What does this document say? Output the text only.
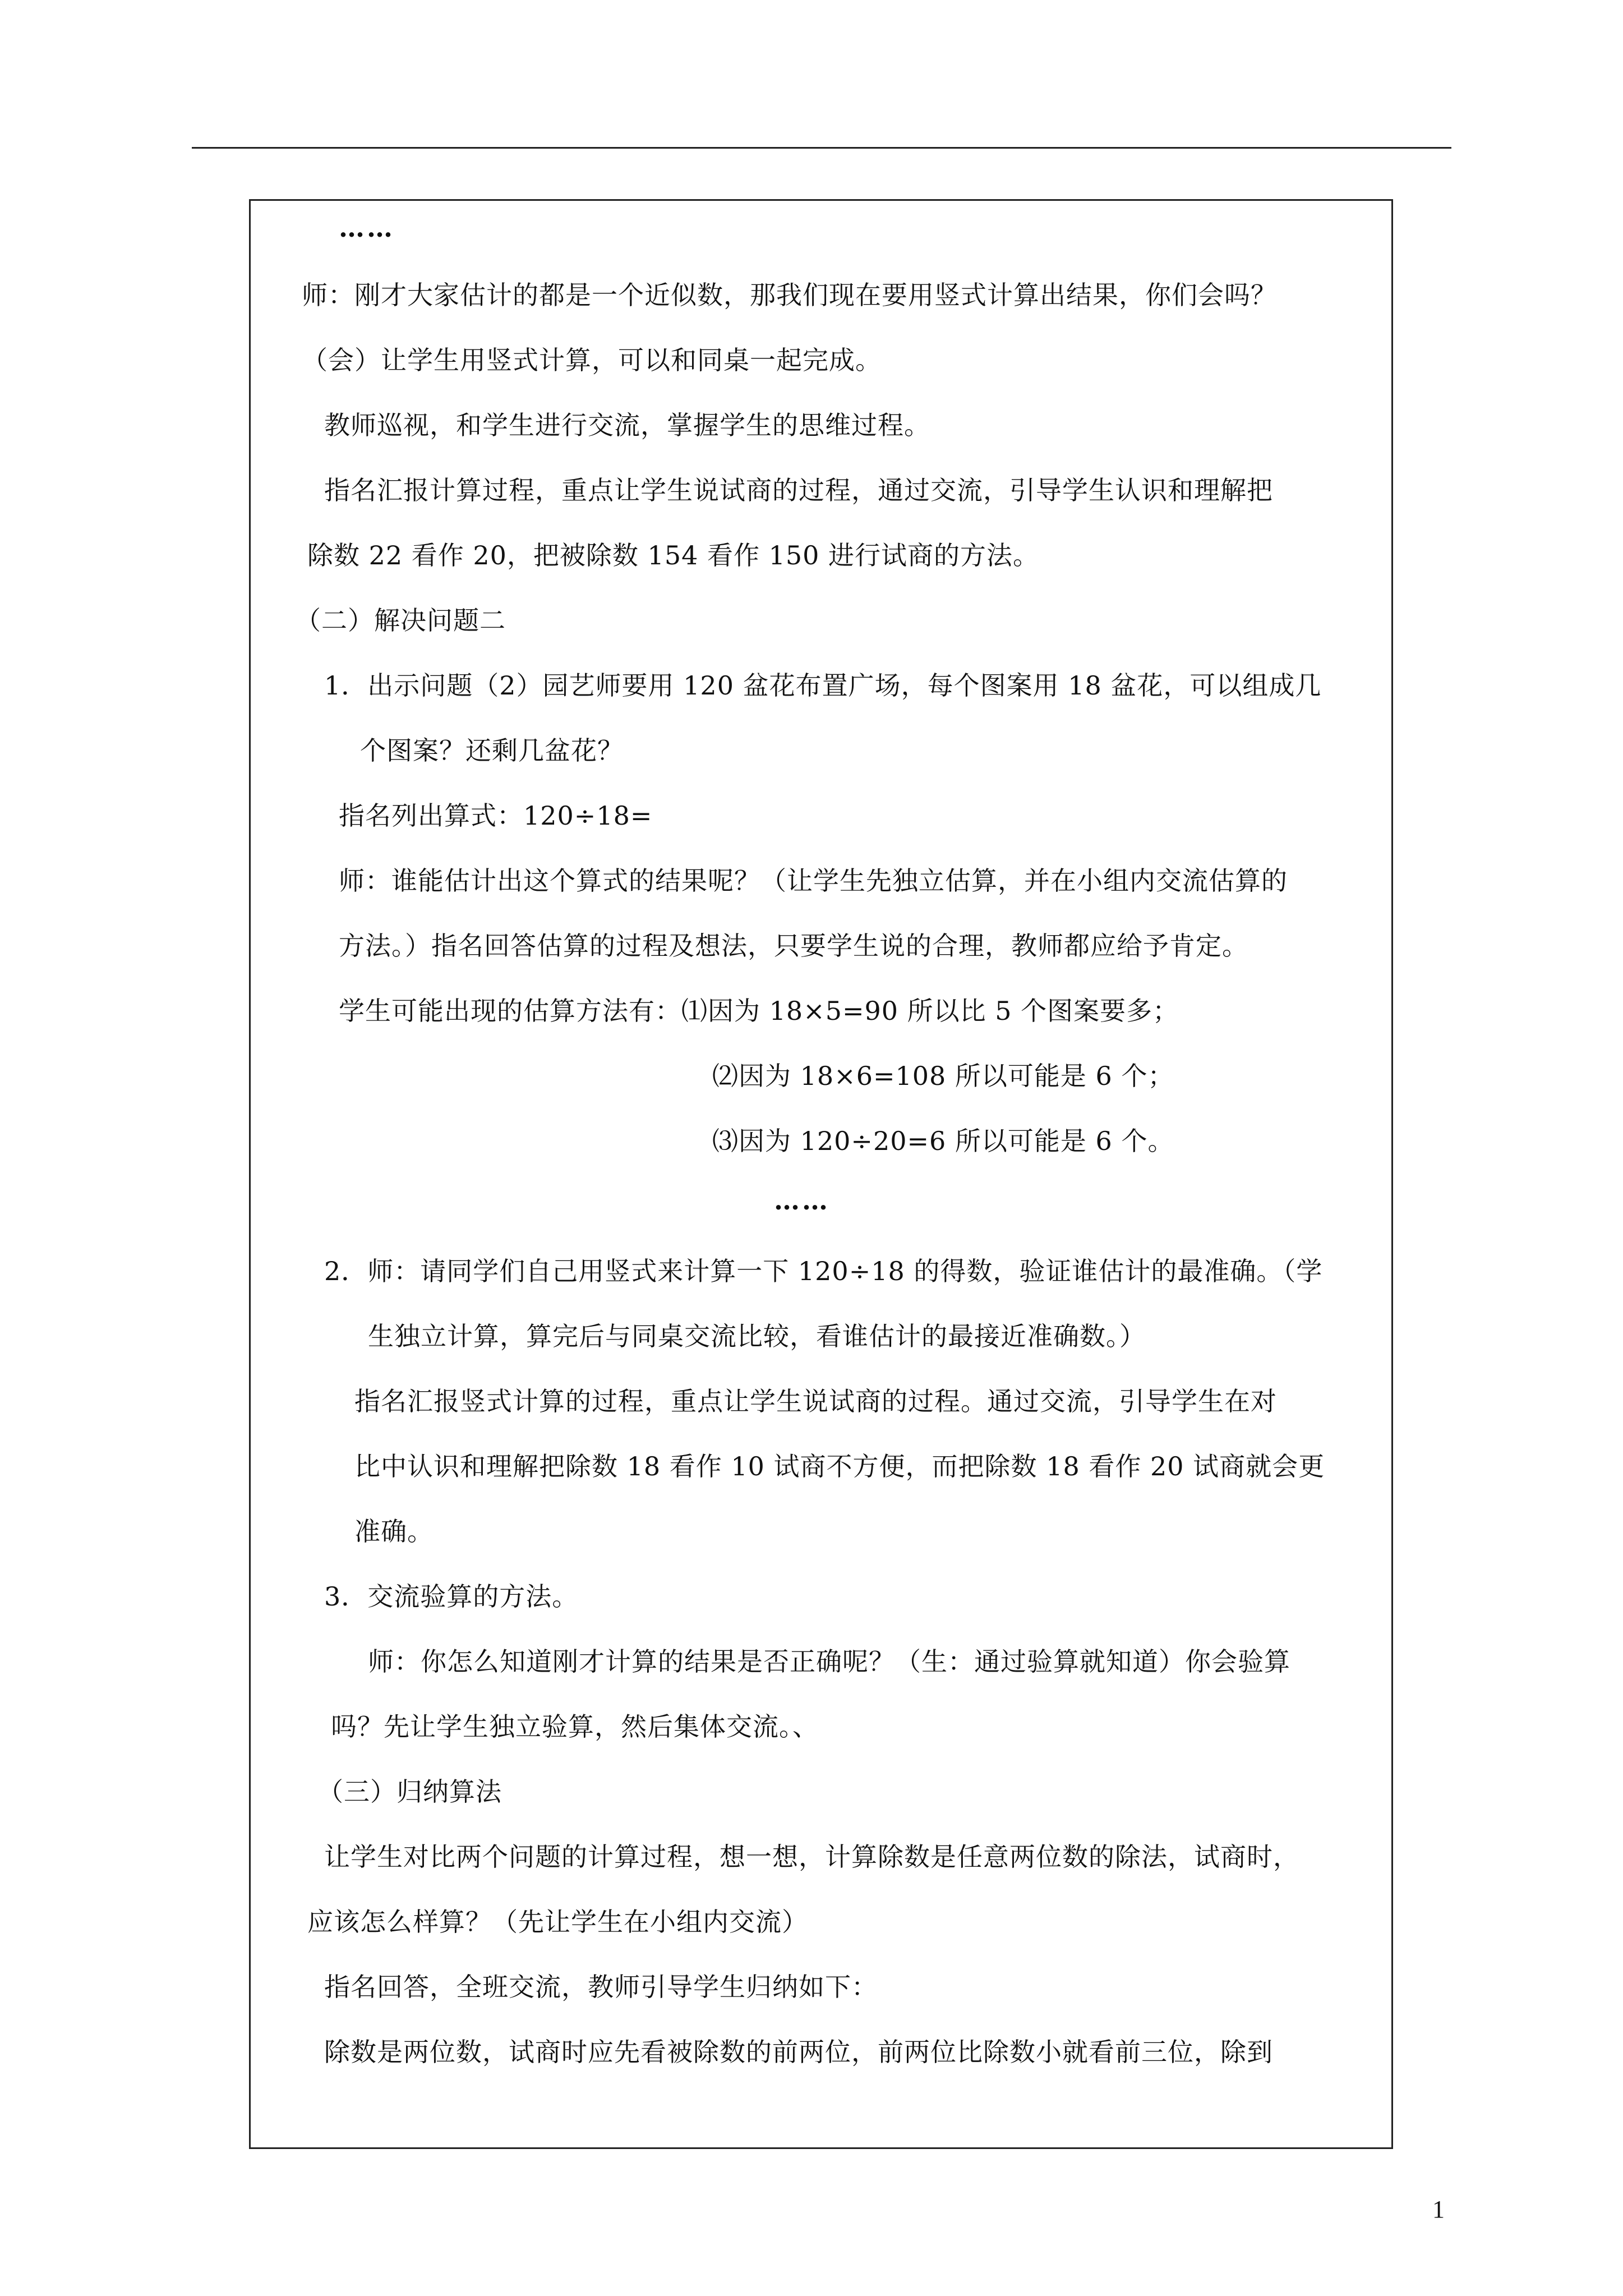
……
师：刚才大家估计的都是一个近似数，那我们现在要用竖式计算出结果，你们会吗？
（会）让学生用竖式计算，可以和同桌一起完成。
教师巡视，和学生进行交流，掌握学生的思维过程。
指名汇报计算过程，重点让学生说试商的过程，通过交流，引导学生认识和理解把
除数 22 看作 20，把被除数 154 看作 150 进行试商的方法。
（二）解决问题二
1．出示问题（2）园艺师要用 120 盆花布置广场，每个图案用 18 盆花，可以组成几
个图案？还剩几盆花？
指名列出算式：120÷18=
师：谁能估计出这个算式的结果呢？（让学生先独立估算，并在小组内交流估算的
方法。）指名回答估算的过程及想法，只要学生说的合理，教师都应给予肯定。
学生可能出现的估算方法有：⑴因为 18×5=90 所以比 5 个图案要多；
⑵因为 18×6=108 所以可能是 6 个；
⑶因为 120÷20=6 所以可能是 6 个。
……
2．师：请同学们自己用竖式来计算一下 120÷18 的得数，验证谁估计的最准确。（学
生独立计算，算完后与同桌交流比较，看谁估计的最接近准确数。）
指名汇报竖式计算的过程，重点让学生说试商的过程。通过交流，引导学生在对
比中认识和理解把除数 18 看作 10 试商不方便，而把除数 18 看作 20 试商就会更
准确。
3．交流验算的方法。
师：你怎么知道刚才计算的结果是否正确呢？（生：通过验算就知道）你会验算
吗？先让学生独立验算，然后集体交流。、
（三）归纳算法
让学生对比两个问题的计算过程，想一想，计算除数是任意两位数的除法，试商时，
应该怎么样算？（先让学生在小组内交流）
指名回答，全班交流，教师引导学生归纳如下：
除数是两位数，试商时应先看被除数的前两位，前两位比除数小就看前三位，除到
1
